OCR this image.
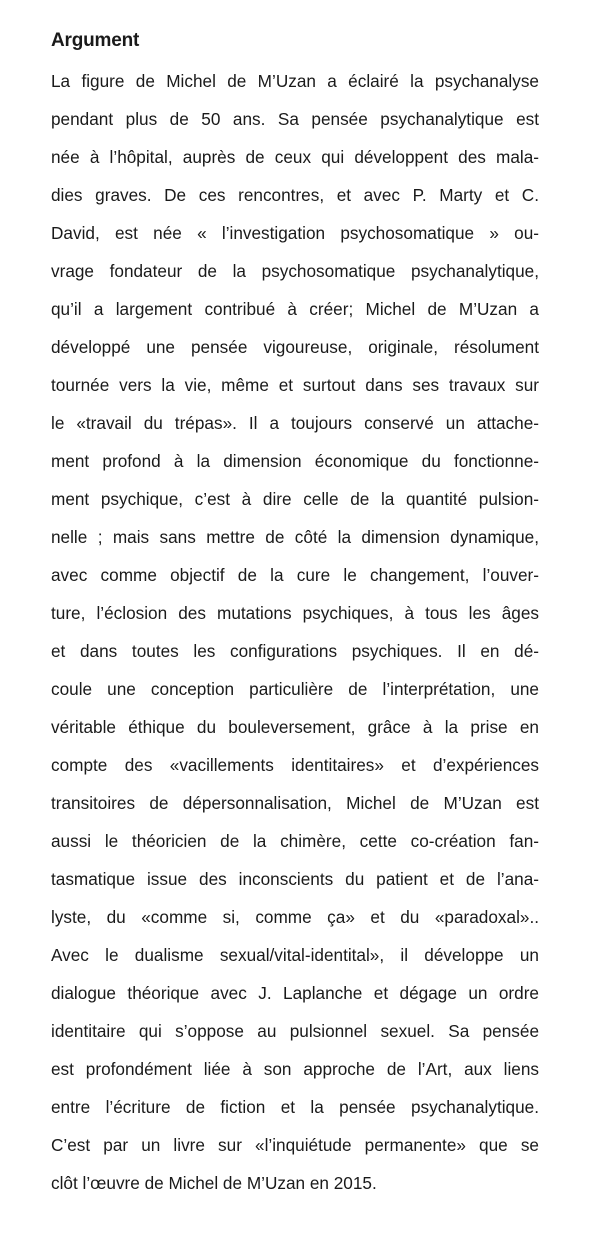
Argument
La figure de Michel de M’Uzan a éclairé la psychanalyse
pendant plus de 50 ans. Sa pensée psychanalytique est
née à l’hôpital, auprès de ceux qui développent des mala-
dies graves. De ces rencontres, et avec P. Marty et C.
David, est née « l’investigation psychosomatique » ou-
vrage fondateur de la psychosomatique psychanalytique,
qu’il a largement contribué à créer; Michel de M’Uzan a
développé une pensée vigoureuse, originale, résolument
tournée vers la vie, même et surtout dans ses travaux sur
le «travail du trépas». Il a toujours conservé un attache-
ment profond à la dimension économique du fonctionne-
ment psychique, c’est à dire celle de la quantité pulsion-
nelle ; mais sans mettre de côté la dimension dynamique,
avec comme objectif de la cure le changement, l’ouver-
ture, l’éclosion des mutations psychiques, à tous les âges
et dans toutes les configurations psychiques. Il en dé-
coule une conception particulière de l’interprétation, une
véritable éthique du bouleversement, grâce à la prise en
compte des «vacillements identitaires» et d’expériences
transitoires de dépersonnalisation, Michel de M’Uzan est
aussi le théoricien de la chimère, cette co-création fan-
tasmatique issue des inconscients du patient et de l’ana-
lyste, du «comme si, comme ça» et du «paradoxal»..
Avec le dualisme sexual/vital-identital», il développe un
dialogue théorique avec J. Laplanche et dégage un ordre
identitaire qui s’oppose au pulsionnel sexuel. Sa pensée
est profondément liée à son approche de l’Art, aux liens
entre l’écriture de fiction et la pensée psychanalytique.
C’est par un livre sur «l’inquiétude permanente» que se
clôt l’œuvre de Michel de M’Uzan en 2015.
